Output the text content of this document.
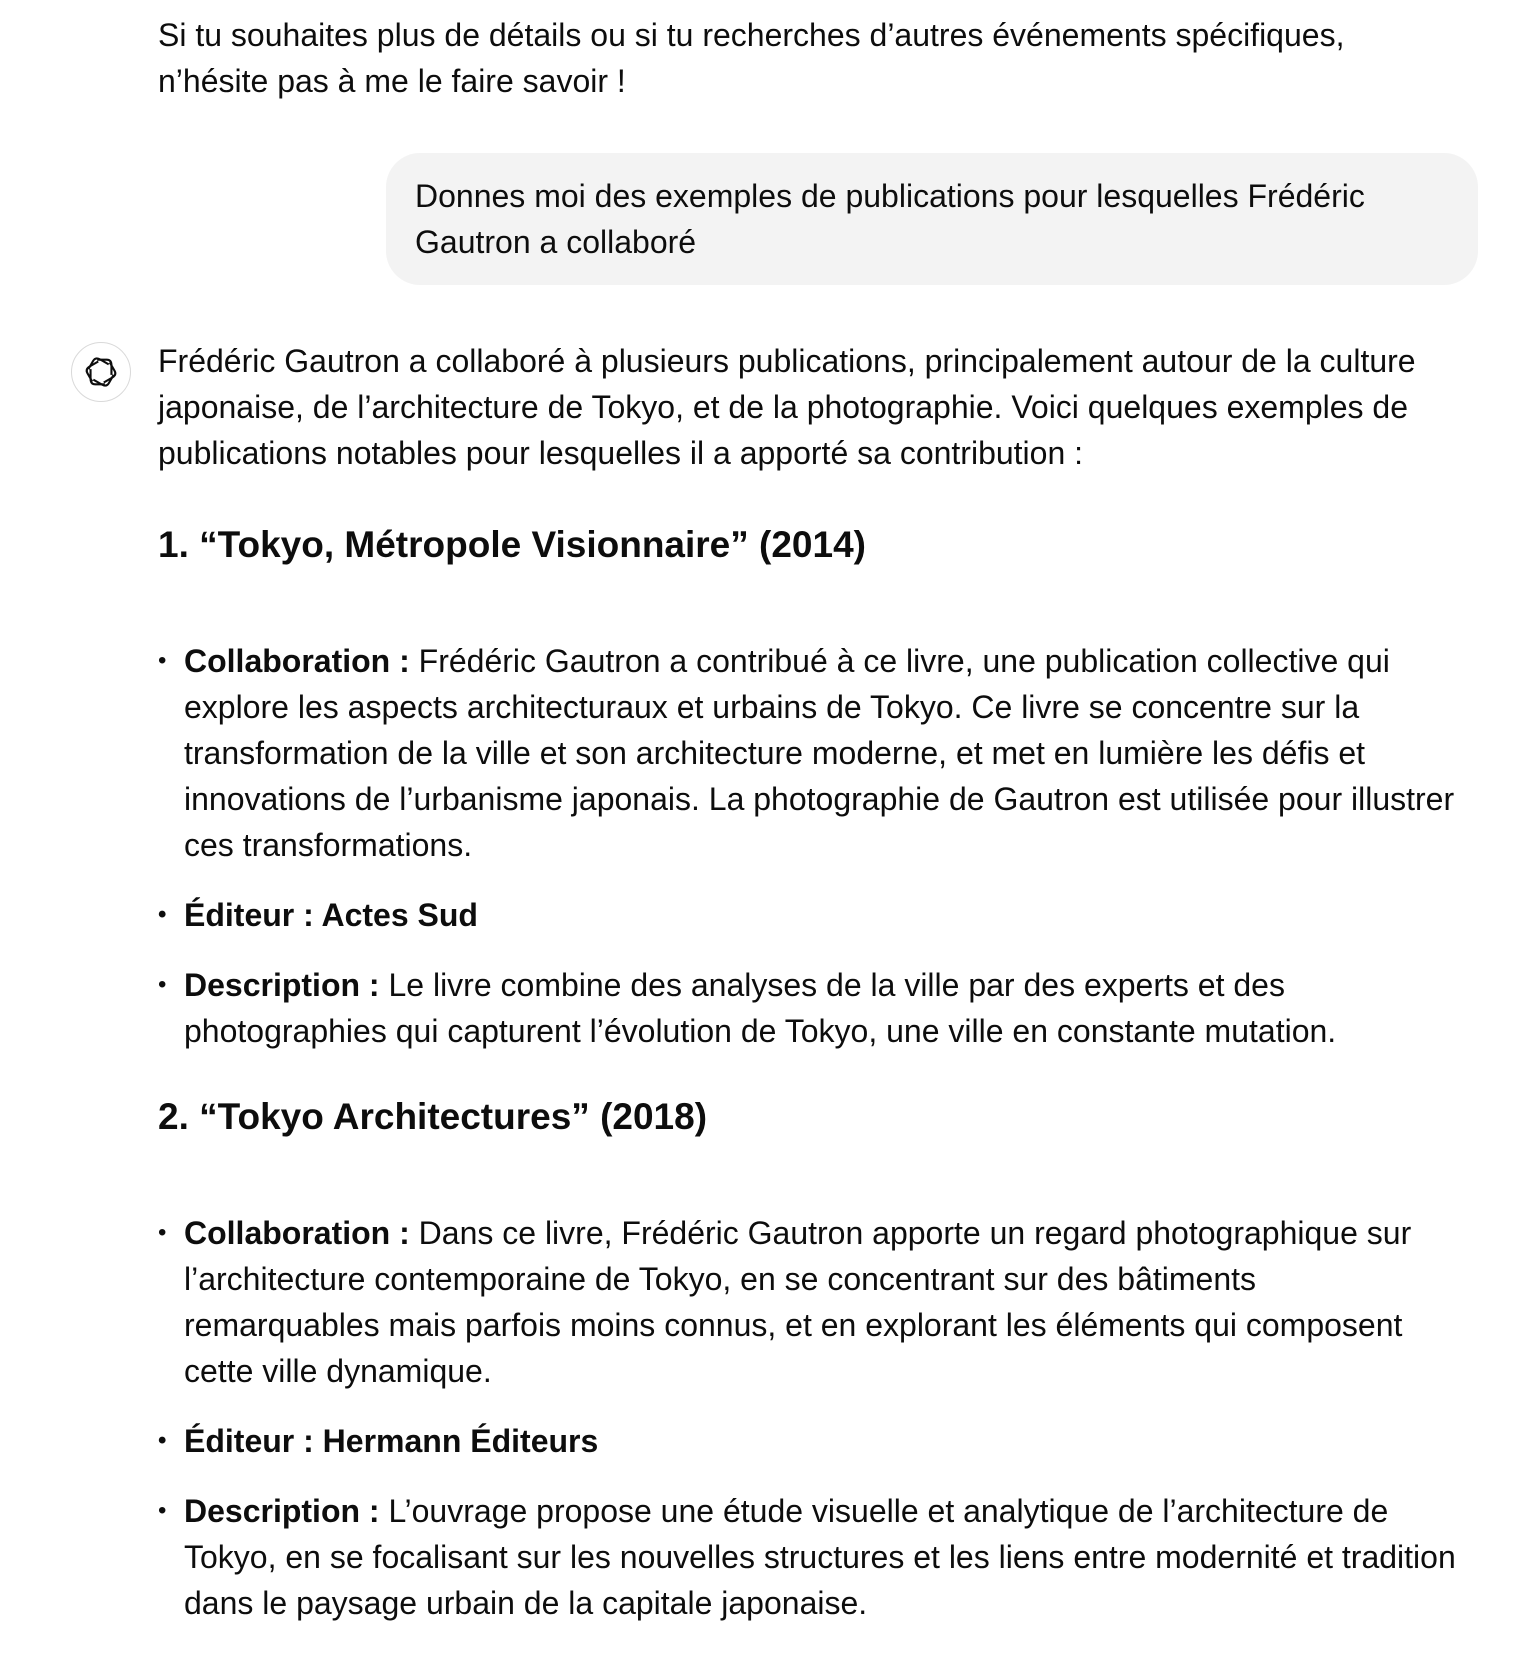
Si tu souhaites plus de détails ou si tu recherches d’autres événements spécifiques, n’hésite pas à me le faire savoir !

Donnes moi des exemples de publications pour lesquelles Frédéric Gautron a collaboré

Frédéric Gautron a collaboré à plusieurs publications, principalement autour de la culture japonaise, de l’architecture de Tokyo, et de la photographie. Voici quelques exemples de publications notables pour lesquelles il a apporté sa contribution :

1. “Tokyo, Métropole Visionnaire” (2014)
• Collaboration : Frédéric Gautron a contribué à ce livre, une publication collective qui explore les aspects architecturaux et urbains de Tokyo. Ce livre se concentre sur la transformation de la ville et son architecture moderne, et met en lumière les défis et innovations de l’urbanisme japonais. La photographie de Gautron est utilisée pour illustrer ces transformations.
• Éditeur : Actes Sud
• Description : Le livre combine des analyses de la ville par des experts et des photographies qui capturent l’évolution de Tokyo, une ville en constante mutation.
2. “Tokyo Architectures” (2018)
• Collaboration : Dans ce livre, Frédéric Gautron apporte un regard photographique sur l’architecture contemporaine de Tokyo, en se concentrant sur des bâtiments remarquables mais parfois moins connus, et en explorant les éléments qui composent cette ville dynamique.
• Éditeur : Hermann Éditeurs
• Description : L’ouvrage propose une étude visuelle et analytique de l’architecture de Tokyo, en se focalisant sur les nouvelles structures et les liens entre modernité et tradition dans le paysage urbain de la capitale japonaise.
